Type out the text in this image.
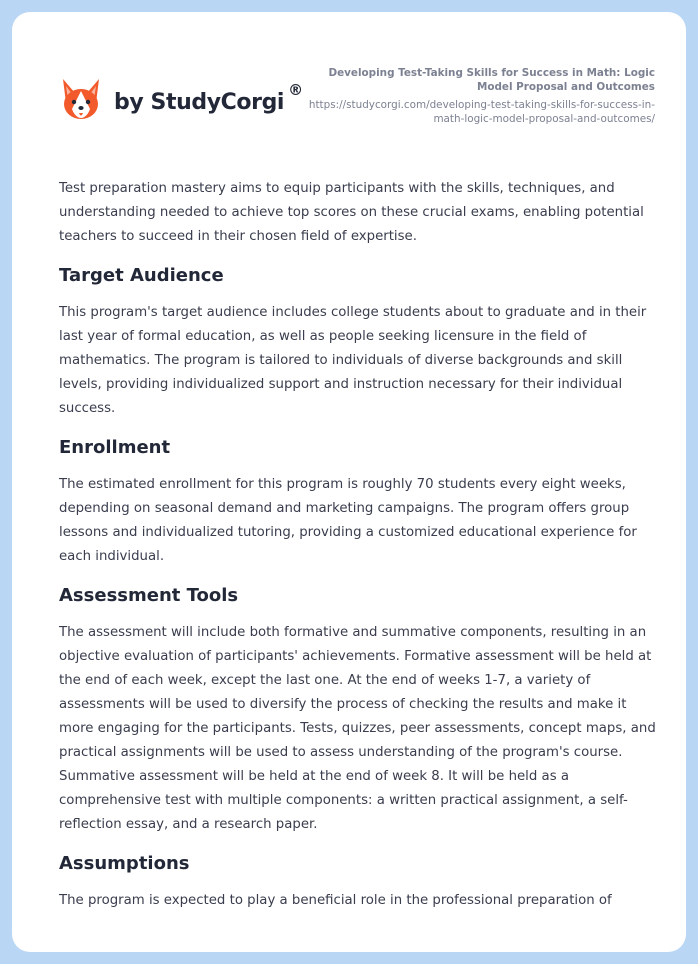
by StudyCorgi ®
Developing Test-Taking Skills for Success in Math: Logic Model Proposal and Outcomes
https://studycorgi.com/developing-test-taking-skills-for-success-in-math-logic-model-proposal-and-outcomes/

Test preparation mastery aims to equip participants with the skills, techniques, and understanding needed to achieve top scores on these crucial exams, enabling potential teachers to succeed in their chosen field of expertise.

Target Audience

This program's target audience includes college students about to graduate and in their last year of formal education, as well as people seeking licensure in the field of mathematics. The program is tailored to individuals of diverse backgrounds and skill levels, providing individualized support and instruction necessary for their individual success.

Enrollment

The estimated enrollment for this program is roughly 70 students every eight weeks, depending on seasonal demand and marketing campaigns. The program offers group lessons and individualized tutoring, providing a customized educational experience for each individual.

Assessment Tools

The assessment will include both formative and summative components, resulting in an objective evaluation of participants' achievements. Formative assessment will be held at the end of each week, except the last one. At the end of weeks 1-7, a variety of assessments will be used to diversify the process of checking the results and make it more engaging for the participants. Tests, quizzes, peer assessments, concept maps, and practical assignments will be used to assess understanding of the program's course. Summative assessment will be held at the end of week 8. It will be held as a comprehensive test with multiple components: a written practical assignment, a self-reflection essay, and a research paper.

Assumptions

The program is expected to play a beneficial role in the professional preparation of
